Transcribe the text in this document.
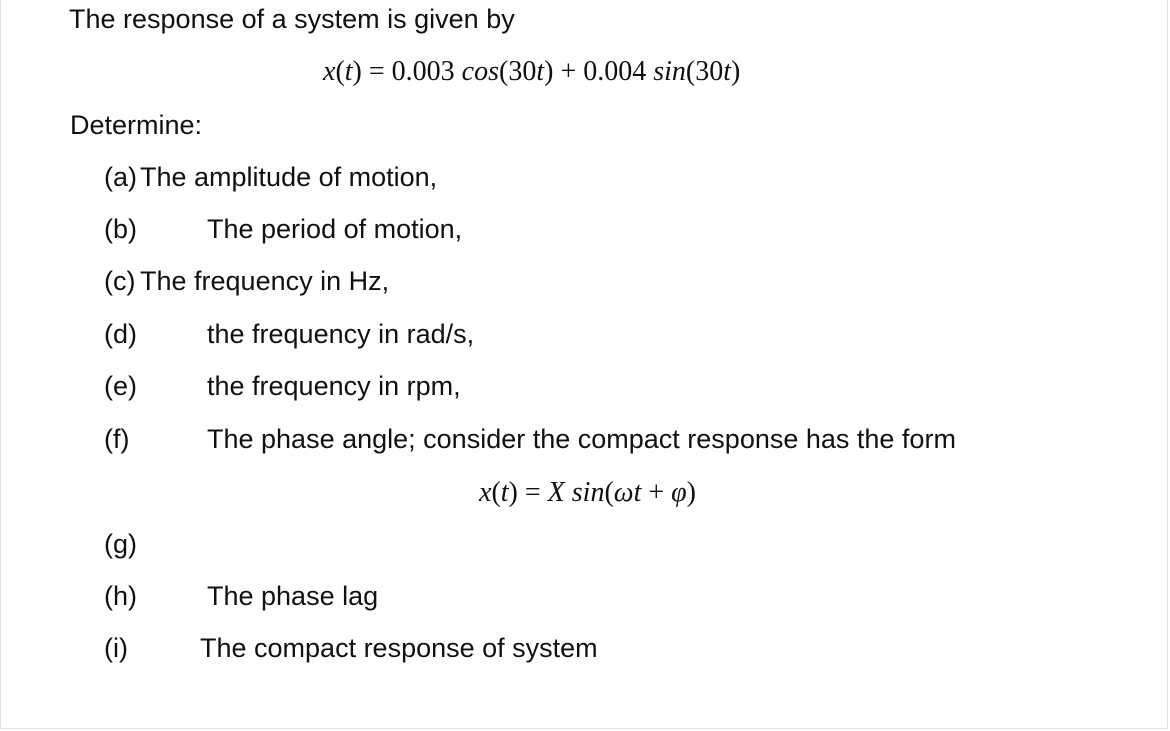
The response of a system is given by
x(t) = 0.003 cos(30t) + 0.004 sin(30t)
Determine:
(a) The amplitude of motion,
(b)	The period of motion,
(c) The frequency in Hz,
(d)	the frequency in rad/s,
(e)	the frequency in rpm,
(f)	The phase angle; consider the compact response has the form
x(t) = X sin(ωt + φ)
(g)
(h)	The phase lag
(i)	The compact response of system
